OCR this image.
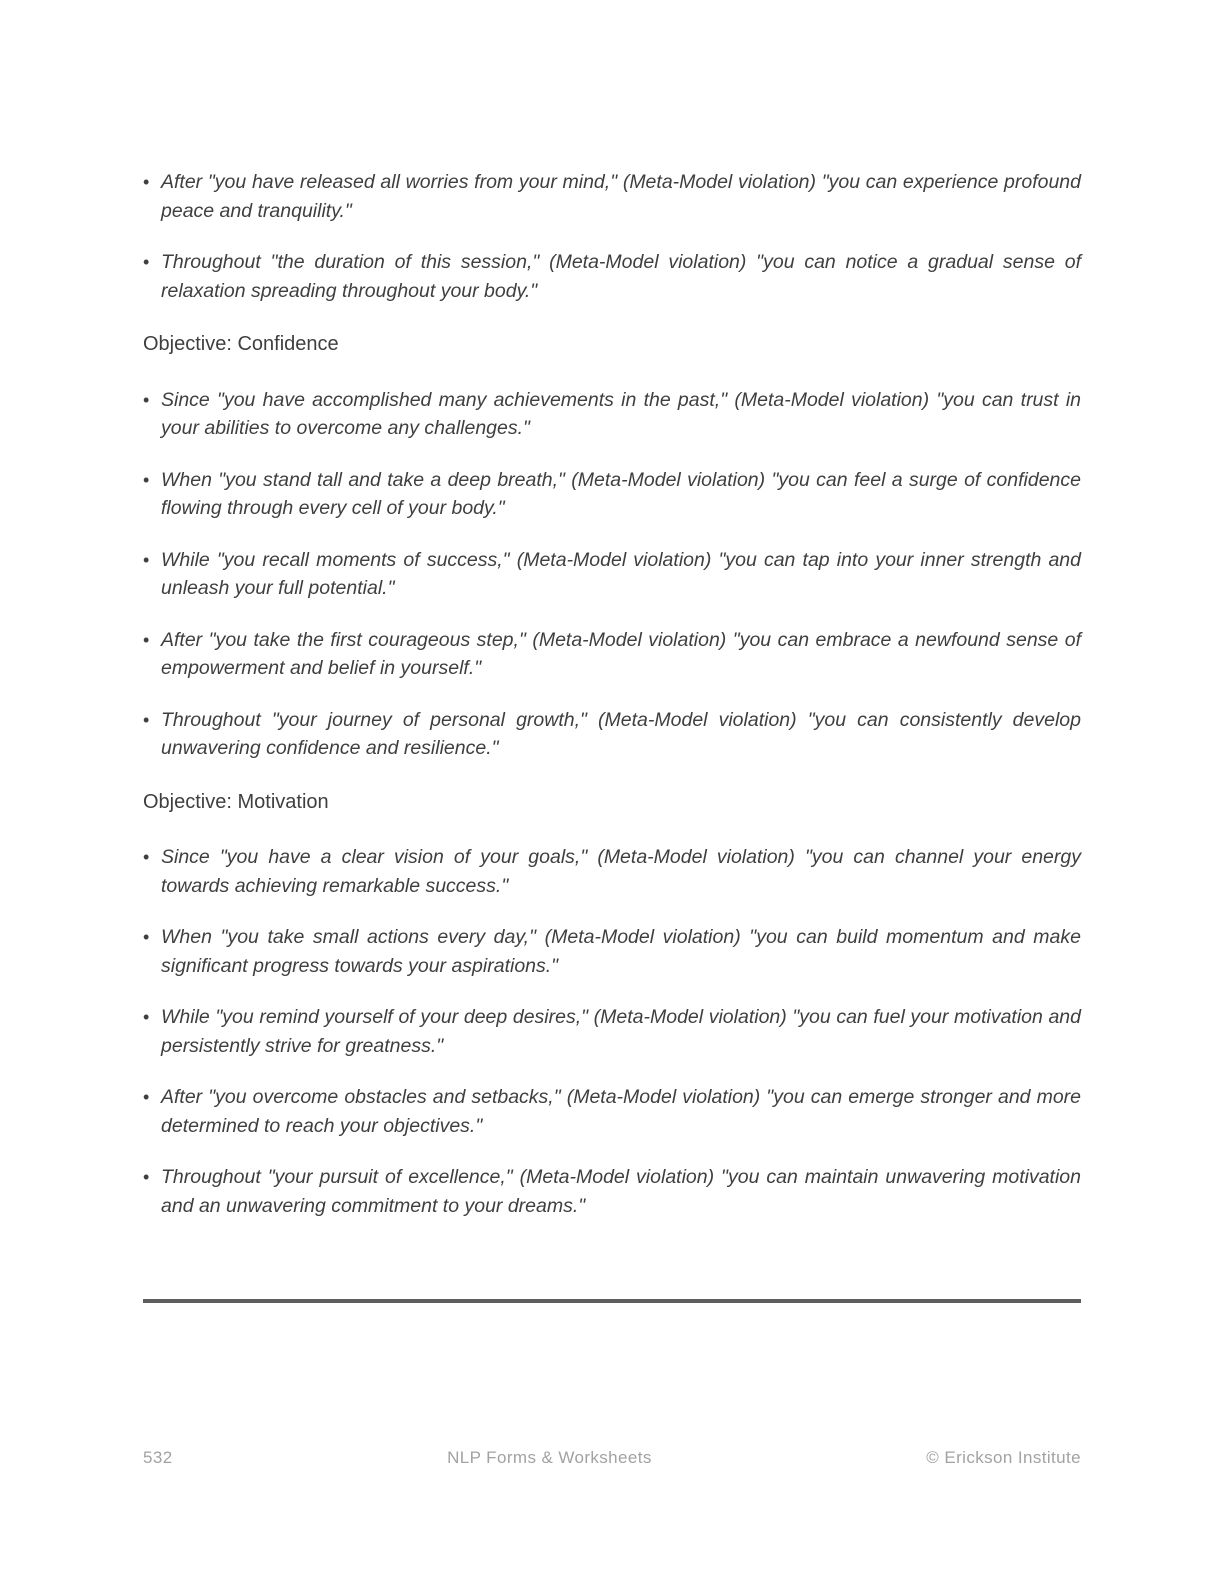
• After "you have released all worries from your mind," (Meta-Model violation) "you can experience profound peace and tranquility."
• Throughout "the duration of this session," (Meta-Model violation) "you can notice a gradual sense of relaxation spreading throughout your body."
Objective: Confidence
• Since "you have accomplished many achievements in the past," (Meta-Model violation) "you can trust in your abilities to overcome any challenges."
• When "you stand tall and take a deep breath," (Meta-Model violation) "you can feel a surge of confidence flowing through every cell of your body."
• While "you recall moments of success," (Meta-Model violation) "you can tap into your inner strength and unleash your full potential."
• After "you take the first courageous step," (Meta-Model violation) "you can embrace a newfound sense of empowerment and belief in yourself."
• Throughout "your journey of personal growth," (Meta-Model violation) "you can consistently develop unwavering confidence and resilience."
Objective: Motivation
• Since "you have a clear vision of your goals," (Meta-Model violation) "you can channel your energy towards achieving remarkable success."
• When "you take small actions every day," (Meta-Model violation) "you can build momentum and make significant progress towards your aspirations."
• While "you remind yourself of your deep desires," (Meta-Model violation) "you can fuel your motivation and persistently strive for greatness."
• After "you overcome obstacles and setbacks," (Meta-Model violation) "you can emerge stronger and more determined to reach your objectives."
• Throughout "your pursuit of excellence," (Meta-Model violation) "you can maintain unwavering motivation and an unwavering commitment to your dreams."
532	NLP Forms & Worksheets	© Erickson Institute
